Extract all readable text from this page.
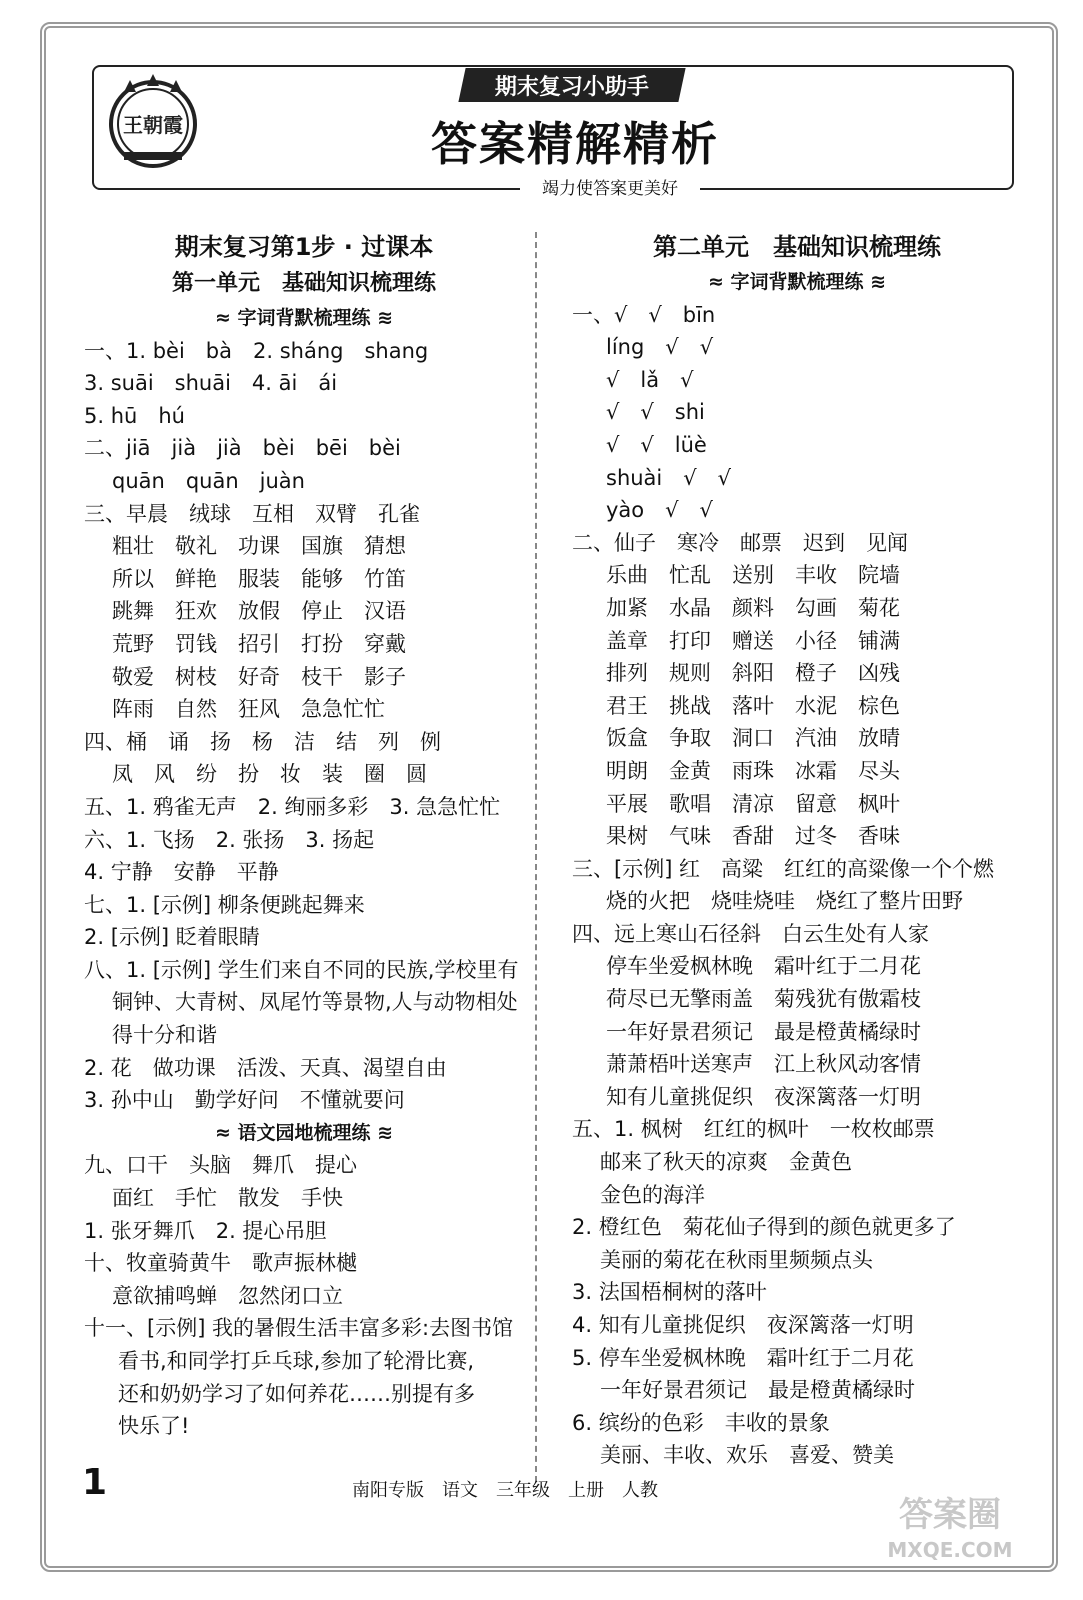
王朝霞
期末复习小助手
答案精解精析
竭力使答案更美好
期末复习第1步 · 过课本
第一单元　基础知识梳理练
≈ 字词背默梳理练 ≋
一、1. bèi　bà　2. sháng　shang
3. suāi　shuāi　4. āi　ái
5. hū　hú
二、jiā　jià　jià　bèi　bēi　bèi
quān　quān　juàn
三、早晨　绒球　互相　双臂　孔雀
粗壮　敬礼　功课　国旗　猜想
所以　鲜艳　服装　能够　竹笛
跳舞　狂欢　放假　停止　汉语
荒野　罚钱　招引　打扮　穿戴
敬爱　树枝　好奇　枝干　影子
阵雨　自然　狂风　急急忙忙
四、桶　诵　扬　杨　洁　结　列　例
凤　风　纷　扮　妆　装　圈　圆
五、1. 鸦雀无声　2. 绚丽多彩　3. 急急忙忙
六、1. 飞扬　2. 张扬　3. 扬起
4. 宁静　安静　平静
七、1. [示例] 柳条便跳起舞来
2. [示例] 眨着眼睛
八、1. [示例] 学生们来自不同的民族,学校里有
铜钟、大青树、凤尾竹等景物,人与动物相处
得十分和谐
2. 花　做功课　活泼、天真、渴望自由
3. 孙中山　勤学好问　不懂就要问
≈ 语文园地梳理练 ≋
九、口干　头脑　舞爪　提心
面红　手忙　散发　手快
1. 张牙舞爪　2. 提心吊胆
十、牧童骑黄牛　歌声振林樾
意欲捕鸣蝉　忽然闭口立
十一、[示例] 我的暑假生活丰富多彩:去图书馆
看书,和同学打乒乓球,参加了轮滑比赛,
还和奶奶学习了如何养花……别提有多
快乐了!
第二单元　基础知识梳理练
≈ 字词背默梳理练 ≋
一、√　√　bīn
líng　√　√
√　lǎ　√
√　√　shi
√　√　lüè
shuài　√　√
yào　√　√
二、仙子　寒冷　邮票　迟到　见闻
乐曲　忙乱　送别　丰收　院墙
加紧　水晶　颜料　勾画　菊花
盖章　打印　赠送　小径　铺满
排列　规则　斜阳　橙子　凶残
君王　挑战　落叶　水泥　棕色
饭盒　争取　洞口　汽油　放晴
明朗　金黄　雨珠　冰霜　尽头
平展　歌唱　清凉　留意　枫叶
果树　气味　香甜　过冬　香味
三、[示例] 红　高粱　红红的高粱像一个个燃
烧的火把　烧哇烧哇　烧红了整片田野
四、远上寒山石径斜　白云生处有人家
停车坐爱枫林晚　霜叶红于二月花
荷尽已无擎雨盖　菊残犹有傲霜枝
一年好景君须记　最是橙黄橘绿时
萧萧梧叶送寒声　江上秋风动客情
知有儿童挑促织　夜深篱落一灯明
五、1. 枫树　红红的枫叶　一枚枚邮票
邮来了秋天的凉爽　金黄色
金色的海洋
2. 橙红色　菊花仙子得到的颜色就更多了
美丽的菊花在秋雨里频频点头
3. 法国梧桐树的落叶
4. 知有儿童挑促织　夜深篱落一灯明
5. 停车坐爱枫林晚　霜叶红于二月花
一年好景君须记　最是橙黄橘绿时
6. 缤纷的色彩　丰收的景象
美丽、丰收、欢乐　喜爱、赞美
1	南阳专版　语文　三年级　上册　人教
答案圈
MXQE.COM
